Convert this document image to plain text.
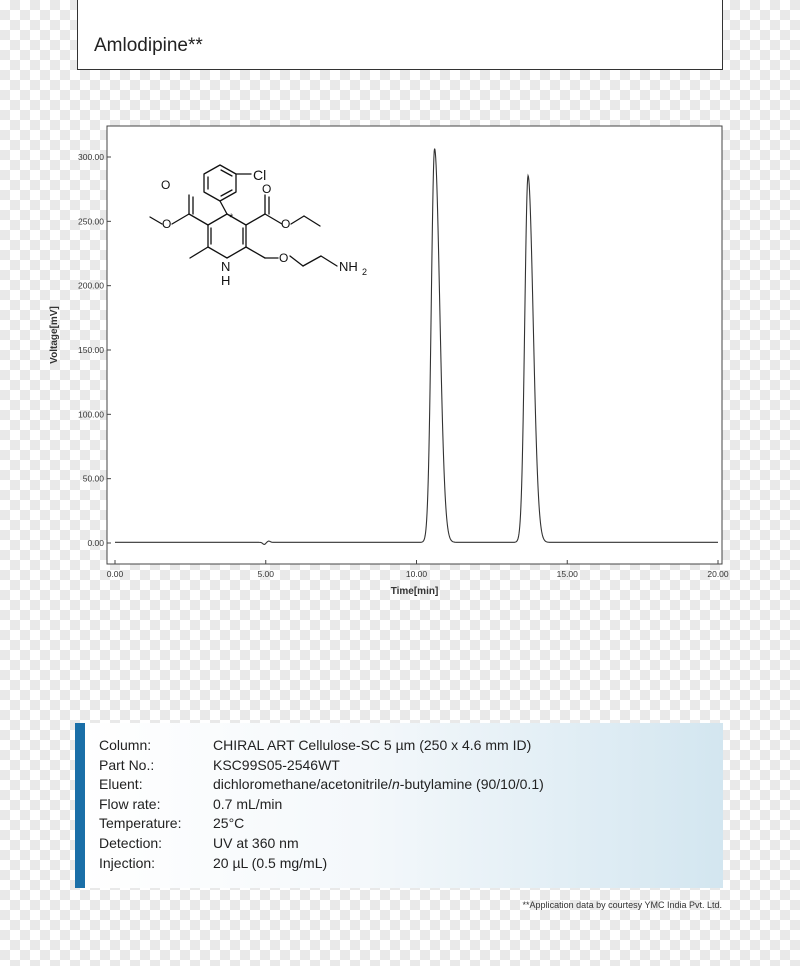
Amlodipine**
0.00
50.00
100.00
150.00
200.00
250.00
300.00
0.00	5.00	10.00	15.00	20.00
Time[min]
Voltage[mV]
Cl
*
O	O
O	O
O
N
H
NH 2
Column:	CHIRAL ART Cellulose-SC 5 µm (250 x 4.6 mm ID)
Part No.:	KSC99S05-2546WT
Eluent:	dichloromethane/acetonitrile/n-butylamine (90/10/0.1)
Flow rate:	0.7 mL/min
Temperature:	25°C
Detection:	UV at 360 nm
Injection:	20 µL (0.5 mg/mL)
**Application data by courtesy YMC India Pvt. Ltd.
